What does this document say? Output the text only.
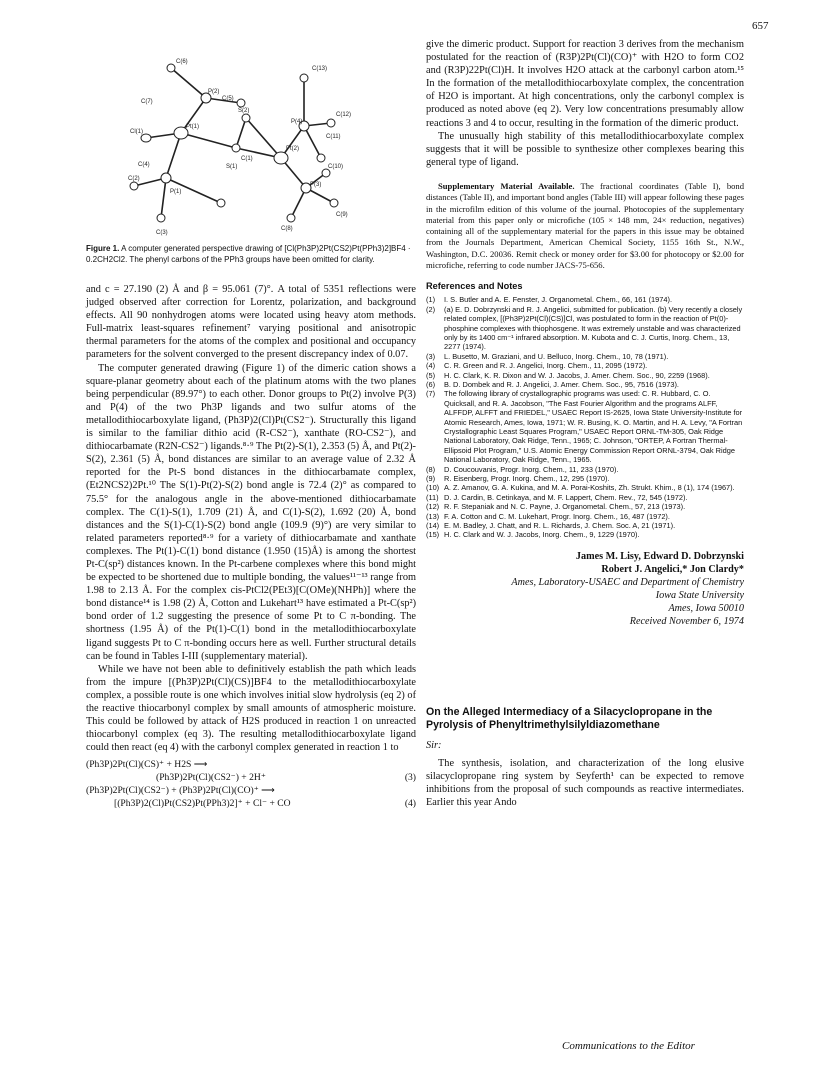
657
C(6)
P(2)
C(5)
C(7)
S(2)
Cl(1)
Pt(1)
P(4)
C(2)
C(1)
C(4)	S(1)
Pt(2)
C(10)
P(1)
P(3)
C(8)
C(9)
C(3)
C(12)
C(11)
C(13)
Figure 1. A computer generated perspective drawing of [Cl(Ph3P)2Pt(CS2)Pt(PPh3)2]BF4 · 0.2CH2Cl2. The phenyl carbons of the PPh3 groups have been omitted for clarity.

and c = 27.190 (2) Å and β = 95.061 (7)°. A total of 5351 reflections were judged observed after correction for Lorentz, polarization, and background effects. All 90 nonhydrogen atoms were located using heavy atom methods. Full-matrix least-squares refinement⁷ varying positional and anisotropic thermal parameters for the atoms of the complex and positional and occupancy parameters for the solvent converged to the present discrepancy index of 0.07.

The computer generated drawing (Figure 1) of the dimeric cation shows a square-planar geometry about each of the platinum atoms with the two planes being perpendicular (89.97°) to each other. Donor groups to Pt(2) involve P(3) and P(4) of the two Ph3P ligands and two sulfur atoms of the metallodithiocarboxylate ligand, (Ph3P)2(Cl)Pt(CS2⁻). Structurally this ligand is similar to the familiar dithio acid (R-CS2⁻), xanthate (RO-CS2⁻), and dithiocarbamate (R2N-CS2⁻) ligands.⁸·⁹ The Pt(2)-S(1), 2.353 (5) Å, and Pt(2)-S(2), 2.361 (5) Å, bond distances are similar to an average value of 2.32 Å reported for the Pt-S bond distances in the dithiocarbamate complex, (Et2NCS2)2Pt.¹⁰ The S(1)-Pt(2)-S(2) bond angle is 72.4 (2)° as compared to 75.5° for the analogous angle in the above-mentioned dithiocarbamate complex. The C(1)-S(1), 1.709 (21) Å, and C(1)-S(2), 1.692 (20) Å, bond distances and the S(1)-C(1)-S(2) bond angle (109.9 (9)°) are very similar to related parameters reported⁸·⁹ for a variety of dithiocarbamate and xanthate complexes. The Pt(1)-C(1) bond distance (1.950 (15)Å) is among the shortest Pt-C(sp²) distances known. In the Pt-carbene complexes where this bond might be expected to be shortened due to multiple bonding, the values¹¹⁻¹³ range from 1.98 to 2.13 Å. For the complex cis-PtCl2(PEt3)[C(OMe)(NHPh)] where the bond distance¹⁴ is 1.98 (2) Å, Cotton and Lukehart¹³ have estimated a Pt-C(sp²) bond order of 1.2 suggesting the presence of some Pt to C π-bonding. The shortness (1.95 Å) of the Pt(1)-C(1) bond in the metallodithiocarboxylate ligand suggests Pt to C π-bonding occurs here as well. Further structural details can be found in Tables I-III (supplementary material).

While we have not been able to definitively establish the path which leads from the impure [(Ph3P)2Pt(Cl)(CS)]BF4 to the metallodithiocarboxylate complex, a possible route is one which involves initial slow hydrolysis (eq 2) of the reactive thiocarbonyl complex by small amounts of atmospheric moisture. This could be followed by attack of H2S produced in reaction 1 on unreacted thiocarbonyl complex (eq 3). The resulting metallodithiocarboxylate ligand could then react (eq 4) with the carbonyl complex generated in reaction 1 to

(Ph3P)2Pt(Cl)(CS)⁺ + H2S ⟶
(Ph3P)2Pt(Cl)(CS2⁻) + 2H⁺	(3)
(Ph3P)2Pt(Cl)(CS2⁻) + (Ph3P)2Pt(Cl)(CO)⁺ ⟶
[(Ph3P)2(Cl)Pt(CS2)Pt(PPh3)2]⁺ + Cl⁻ + CO	(4)

give the dimeric product. Support for reaction 3 derives from the mechanism postulated for the reaction of (R3P)2Pt(Cl)(CO)⁺ with H2O to form CO2 and (R3P)22Pt(Cl)H. It involves H2O attack at the carbonyl carbon atom.¹⁵ In the formation of the metallodithiocarboxylate complex, the concentration of H2O is important. At high concentrations, only the carbonyl complex is produced as noted above (eq 2). Very low concentrations presumably allow reactions 3 and 4 to occur, resulting in the formation of the dimeric product.

The unusually high stability of this metallodithiocarboxylate complex suggests that it will be possible to synthesize other complexes bearing this general type of ligand.

Supplementary Material Available. The fractional coordinates (Table I), bond distances (Table II), and important bond angles (Table III) will appear following these pages in the microfilm edition of this volume of the journal. Photocopies of the supplementary material from this paper only or microfiche (105 × 148 mm, 24× reduction, negatives) containing all of the supplementary material for the papers in this issue may be obtained from the Journals Department, American Chemical Society, 1155 16th St., N.W., Washington, D.C. 20036. Remit check or money order for $3.00 for photocopy or $2.00 for microfiche, referring to code number JACS-75-656.
References and Notes
(1)	I. S. Butler and A. E. Fenster, J. Organometal. Chem., 66, 161 (1974).
(2)	(a) E. D. Dobrzynski and R. J. Angelici, submitted for publication. (b) Very recently a closely related complex, [(Ph3P)2Pt(Cl)(CS)]Cl, was postulated to form in the reaction of Pt(0)-phosphine complexes with thiophosgene. It was extremely unstable and was characterized only by its 1400 cm⁻¹ infrared absorption. M. Kubota and C. J. Curtis, Inorg. Chem., 13, 2277 (1974).
(3)	L. Busetto, M. Graziani, and U. Belluco, Inorg. Chem., 10, 78 (1971).
(4)	C. R. Green and R. J. Angelici, Inorg. Chem., 11, 2095 (1972).
(5)	H. C. Clark, K. R. Dixon and W. J. Jacobs, J. Amer. Chem. Soc., 90, 2259 (1968).
(6)	B. D. Dombek and R. J. Angelici, J. Amer. Chem. Soc., 95, 7516 (1973).
(7)	The following library of crystallographic programs was used: C. R. Hubbard, C. O. Quicksall, and R. A. Jacobson, "The Fast Fourier Algorithm and the programs ALFF, ALFFDP, ALFFT and FRIEDEL," USAEC Report IS-2625, Iowa State University-Institute for Atomic Research, Ames, Iowa, 1971; W. R. Busing, K. O. Martin, and H. A. Levy, "A Fortran Crystallographic Least Squares Program," USAEC Report ORNL-TM-305, Oak Ridge National Laboratory, Oak Ridge, Tenn., 1965; C. Johnson, "ORTEP, A Fortran Thermal-Ellipsoid Plot Program," U.S. Atomic Energy Commission Report ORNL-3794, Oak Ridge National Laboratory, Oak Ridge, Tenn., 1965.
(8)	D. Coucouvanis, Progr. Inorg. Chem., 11, 233 (1970).
(9)	R. Eisenberg, Progr. Inorg. Chem., 12, 295 (1970).
(10) A. Z. Amanov, G. A. Kukina, and M. A. Porai-Koshits, Zh. Strukt. Khim., 8 (1), 174 (1967).
(11) D. J. Cardin, B. Cetinkaya, and M. F. Lappert, Chem. Rev., 72, 545 (1972).
(12) R. F. Stepaniak and N. C. Payne, J. Organometal. Chem., 57, 213 (1973).
(13) F. A. Cotton and C. M. Lukehart, Progr. Inorg. Chem., 16, 487 (1972).
(14) E. M. Badley, J. Chatt, and R. L. Richards, J. Chem. Soc. A, 21 (1971).
(15) H. C. Clark and W. J. Jacobs, Inorg. Chem., 9, 1229 (1970).
James M. Lisy, Edward D. Dobrzynski
Robert J. Angelici,* Jon Clardy*
Ames, Laboratory-USAEC and Department of Chemistry
Iowa State University
Ames, Iowa 50010
Received November 6, 1974
On the Alleged Intermediacy of a Silacyclopropane in the Pyrolysis of Phenyltrimethylsilyldiazomethane
Sir:

The synthesis, isolation, and characterization of the long elusive silacyclopropane ring system by Seyferth¹ can be expected to remove inhibitions from the proposal of such compounds as reactive intermediates. Earlier this year Ando

Communications to the Editor
